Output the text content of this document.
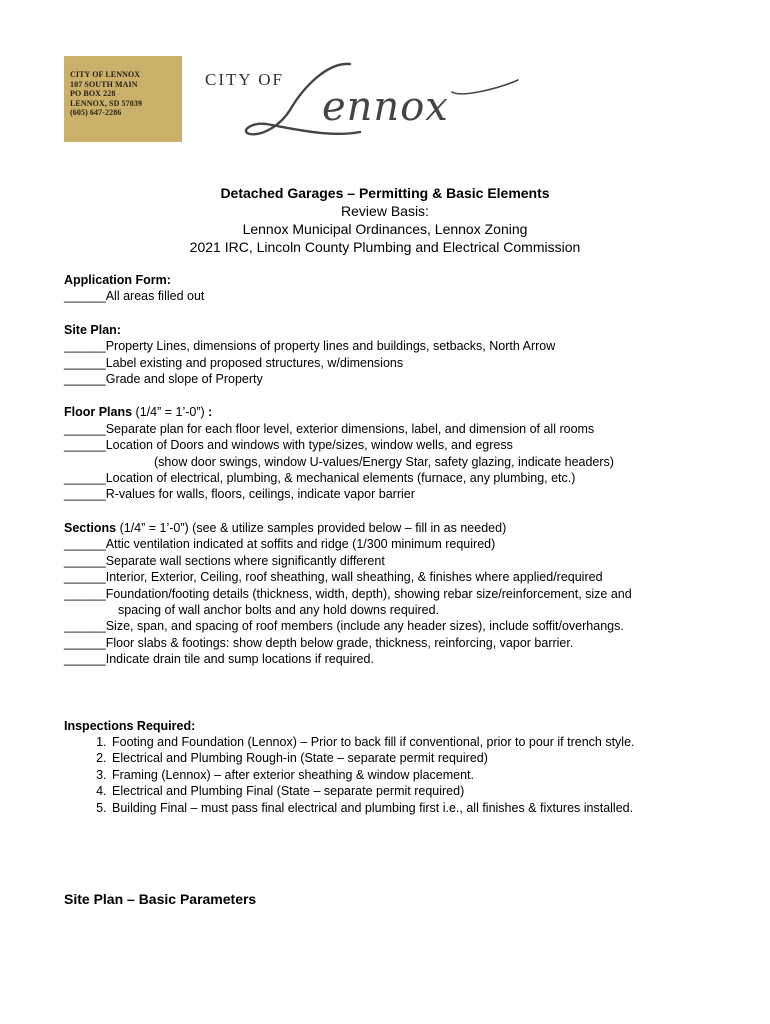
CITY OF LENNOX
107 SOUTH MAIN
PO BOX 228
LENNOX, SD 57039
(605) 647-2286
CITY OF
ennox
Detached Garages – Permitting & Basic Elements
Review Basis:
Lennox Municipal Ordinances, Lennox Zoning
2021 IRC, Lincoln County Plumbing and Electrical Commission
Application Form:
______All areas filled out
Site Plan:
______Property Lines, dimensions of property lines and buildings, setbacks, North Arrow
______Label existing and proposed structures, w/dimensions
______Grade and slope of Property
Floor Plans (1/4” = 1’-0”) :
______Separate plan for each floor level, exterior dimensions, label, and dimension of all rooms
______Location of Doors and windows with type/sizes, window wells, and egress
(show door swings, window U-values/Energy Star, safety glazing, indicate headers)
______Location of electrical, plumbing, & mechanical elements (furnace, any plumbing, etc.)
______R-values for walls, floors, ceilings, indicate vapor barrier
Sections (1/4” = 1’-0”) (see & utilize samples provided below – fill in as needed)
______Attic ventilation indicated at soffits and ridge (1/300 minimum required)
______Separate wall sections where significantly different
______Interior, Exterior, Ceiling, roof sheathing, wall sheathing, & finishes where applied/required
______Foundation/footing details (thickness, width, depth), showing rebar size/reinforcement, size and
spacing of wall anchor bolts and any hold downs required.
______Size, span, and spacing of roof members (include any header sizes), include soffit/overhangs.
______Floor slabs & footings: show depth below grade, thickness, reinforcing, vapor barrier.
______Indicate drain tile and sump locations if required.
Inspections Required:
1. Footing and Foundation (Lennox) – Prior to back fill if conventional, prior to pour if trench style.
2. Electrical and Plumbing Rough-in (State – separate permit required)
3. Framing (Lennox) – after exterior sheathing & window placement.
4. Electrical and Plumbing Final (State – separate permit required)
5. Building Final – must pass final electrical and plumbing first i.e., all finishes & fixtures installed.
Site Plan – Basic Parameters
